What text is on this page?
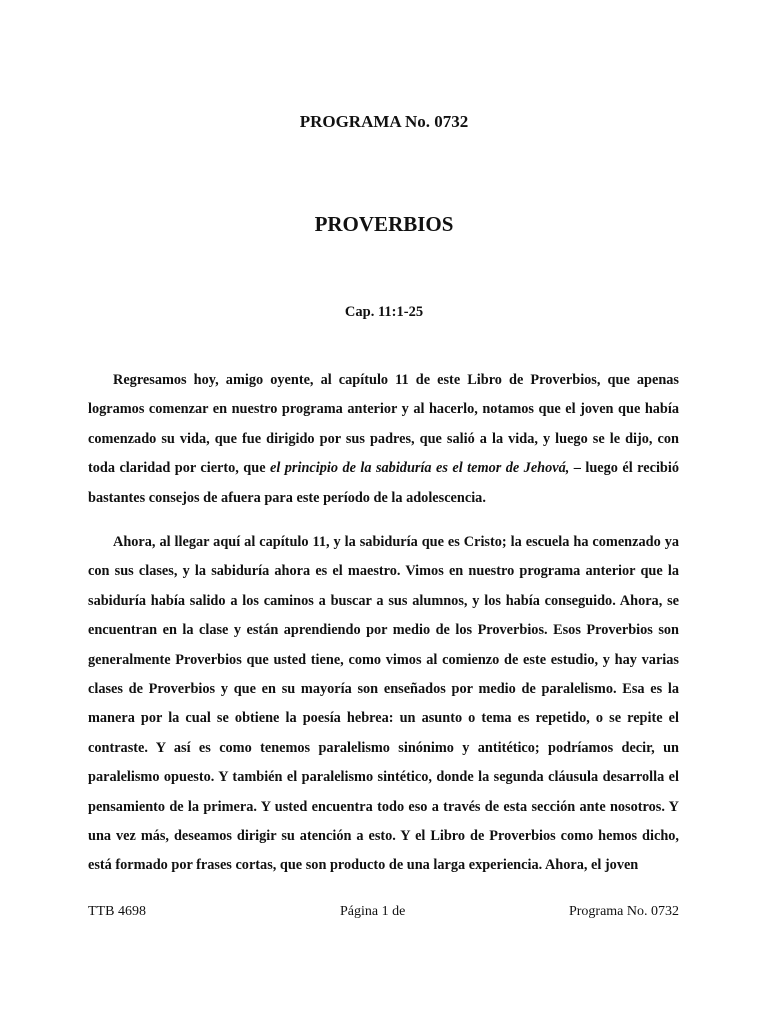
PROGRAMA No. 0732
PROVERBIOS
Cap. 11:1-25

Regresamos hoy, amigo oyente, al capítulo 11 de este Libro de Proverbios, que apenas logramos comenzar en nuestro programa anterior y al hacerlo, notamos que el joven que había comenzado su vida, que fue dirigido por sus padres, que salió a la vida, y luego se le dijo, con toda claridad por cierto, que el principio de la sabiduría es el temor de Jehová, – luego él recibió bastantes consejos de afuera para este período de la adolescencia.

Ahora, al llegar aquí al capítulo 11, y la sabiduría que es Cristo; la escuela ha comenzado ya con sus clases, y la sabiduría ahora es el maestro. Vimos en nuestro programa anterior que la sabiduría había salido a los caminos a buscar a sus alumnos, y los había conseguido. Ahora, se encuentran en la clase y están aprendiendo por medio de los Proverbios. Esos Proverbios son generalmente Proverbios que usted tiene, como vimos al comienzo de este estudio, y hay varias clases de Proverbios y que en su mayoría son enseñados por medio de paralelismo. Esa es la manera por la cual se obtiene la poesía hebrea: un asunto o tema es repetido, o se repite el contraste. Y así es como tenemos paralelismo sinónimo y antitético; podríamos decir, un paralelismo opuesto. Y también el paralelismo sintético, donde la segunda cláusula desarrolla el pensamiento de la primera. Y usted encuentra todo eso a través de esta sección ante nosotros. Y una vez más, deseamos dirigir su atención a esto. Y el Libro de Proverbios como hemos dicho, está formado por frases cortas, que son producto de una larga experiencia. Ahora, el joven

TTB 4698	Página 1 de	Programa No. 0732
